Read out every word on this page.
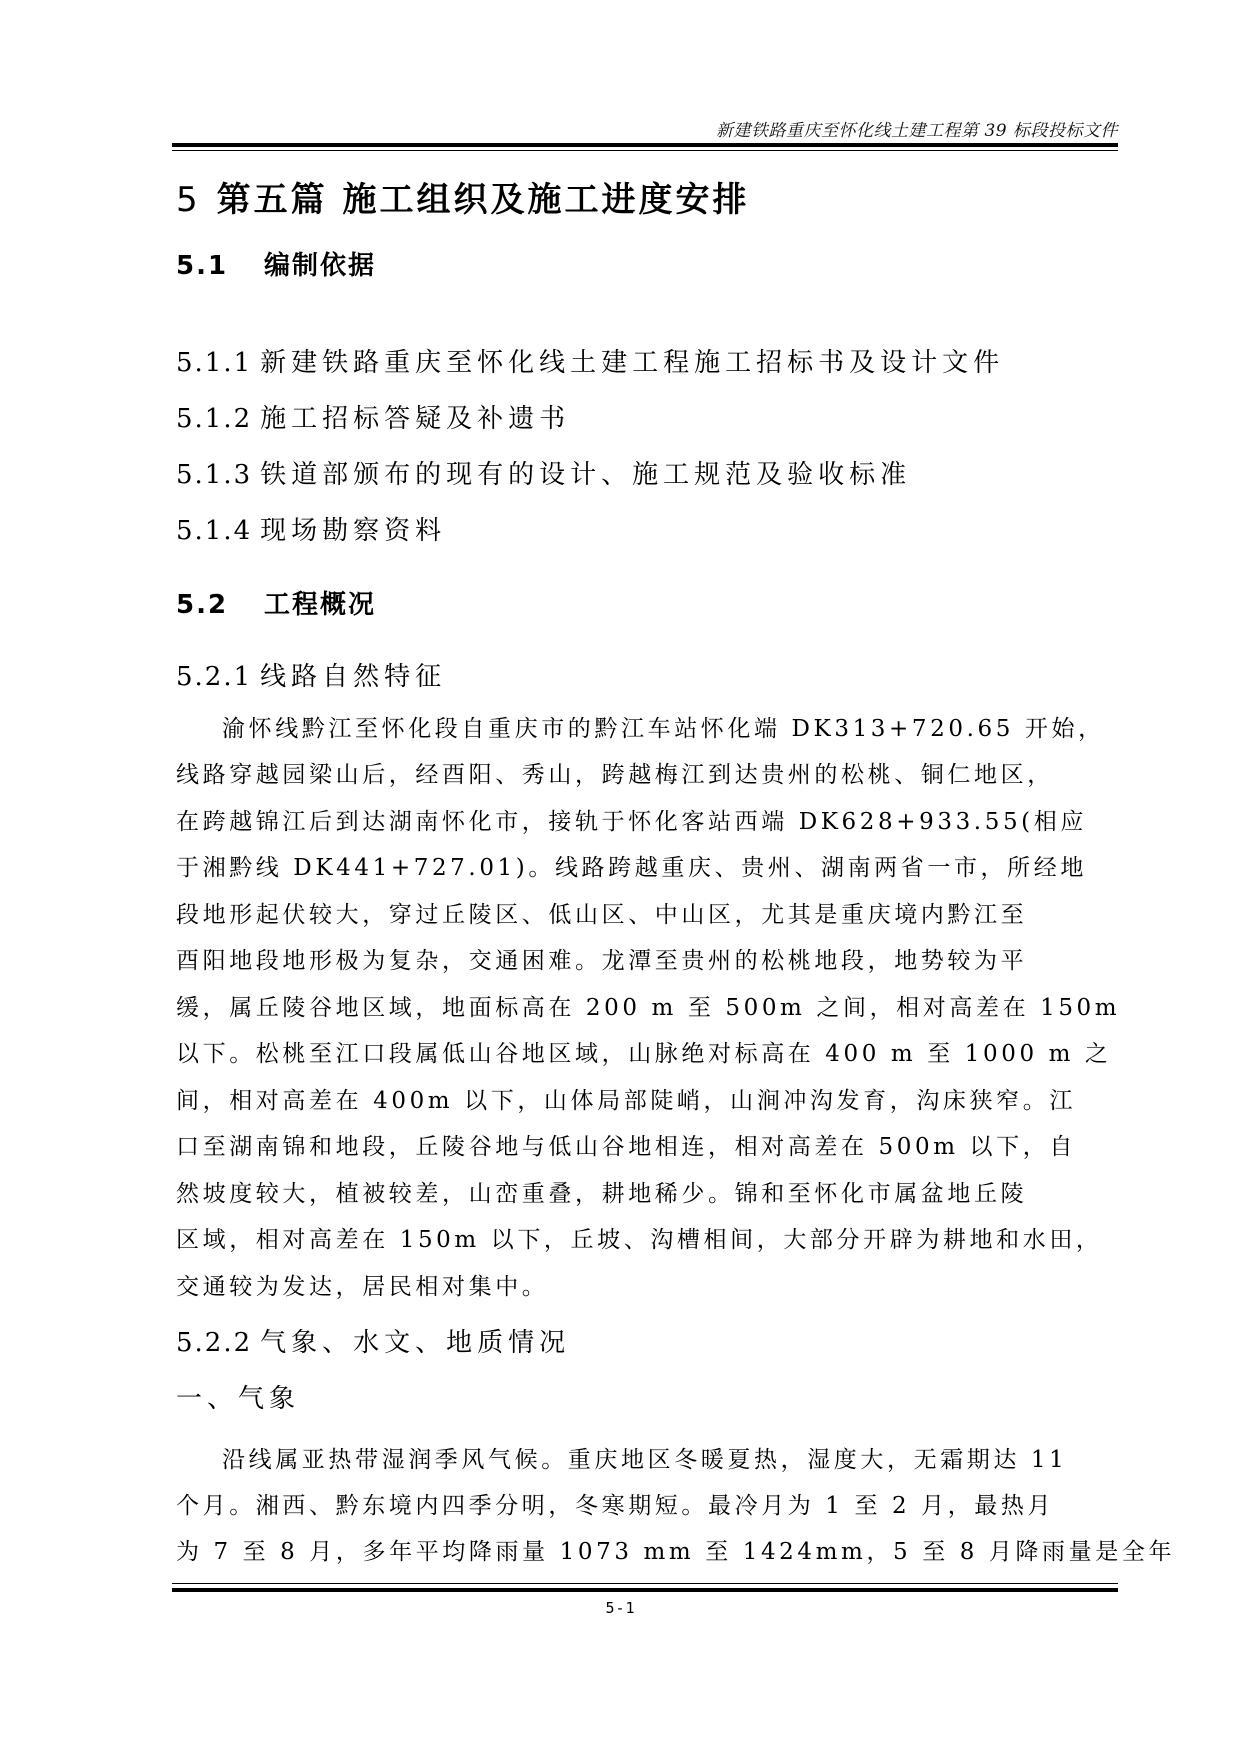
新建铁路重庆至怀化线土建工程第 39 标段投标文件
5 第五篇 施工组织及施工进度安排
5.1 编制依据
5.1.1 新建铁路重庆至怀化线土建工程施工招标书及设计文件
5.1.2 施工招标答疑及补遗书
5.1.3 铁道部颁布的现有的设计、施工规范及验收标准
5.1.4 现场勘察资料
5.2 工程概况
5.2.1 线路自然特征
渝怀线黔江至怀化段自重庆市的黔江车站怀化端 DK313+720.65 开始，
线路穿越园梁山后，经酉阳、秀山，跨越梅江到达贵州的松桃、铜仁地区，
在跨越锦江后到达湖南怀化市，接轨于怀化客站西端 DK628+933.55(相应
于湘黔线 DK441+727.01)。线路跨越重庆、贵州、湖南两省一市，所经地
段地形起伏较大，穿过丘陵区、低山区、中山区，尤其是重庆境内黔江至
酉阳地段地形极为复杂，交通困难。龙潭至贵州的松桃地段，地势较为平
缓，属丘陵谷地区域，地面标高在 200 m 至 500m 之间，相对高差在 150m
以下。松桃至江口段属低山谷地区域，山脉绝对标高在 400 m 至 1000 m 之
间，相对高差在 400m 以下，山体局部陡峭，山涧冲沟发育，沟床狭窄。江
口至湖南锦和地段，丘陵谷地与低山谷地相连，相对高差在 500m 以下，自
然坡度较大，植被较差，山峦重叠，耕地稀少。锦和至怀化市属盆地丘陵
区域，相对高差在 150m 以下，丘坡、沟槽相间，大部分开辟为耕地和水田，
交通较为发达，居民相对集中。
5.2.2 气象、水文、地质情况
一、气象
沿线属亚热带湿润季风气候。重庆地区冬暖夏热，湿度大，无霜期达 11
个月。湘西、黔东境内四季分明，冬寒期短。最冷月为 1 至 2 月，最热月
为 7 至 8 月，多年平均降雨量 1073 mm 至 1424mm，5 至 8 月降雨量是全年
5-1
